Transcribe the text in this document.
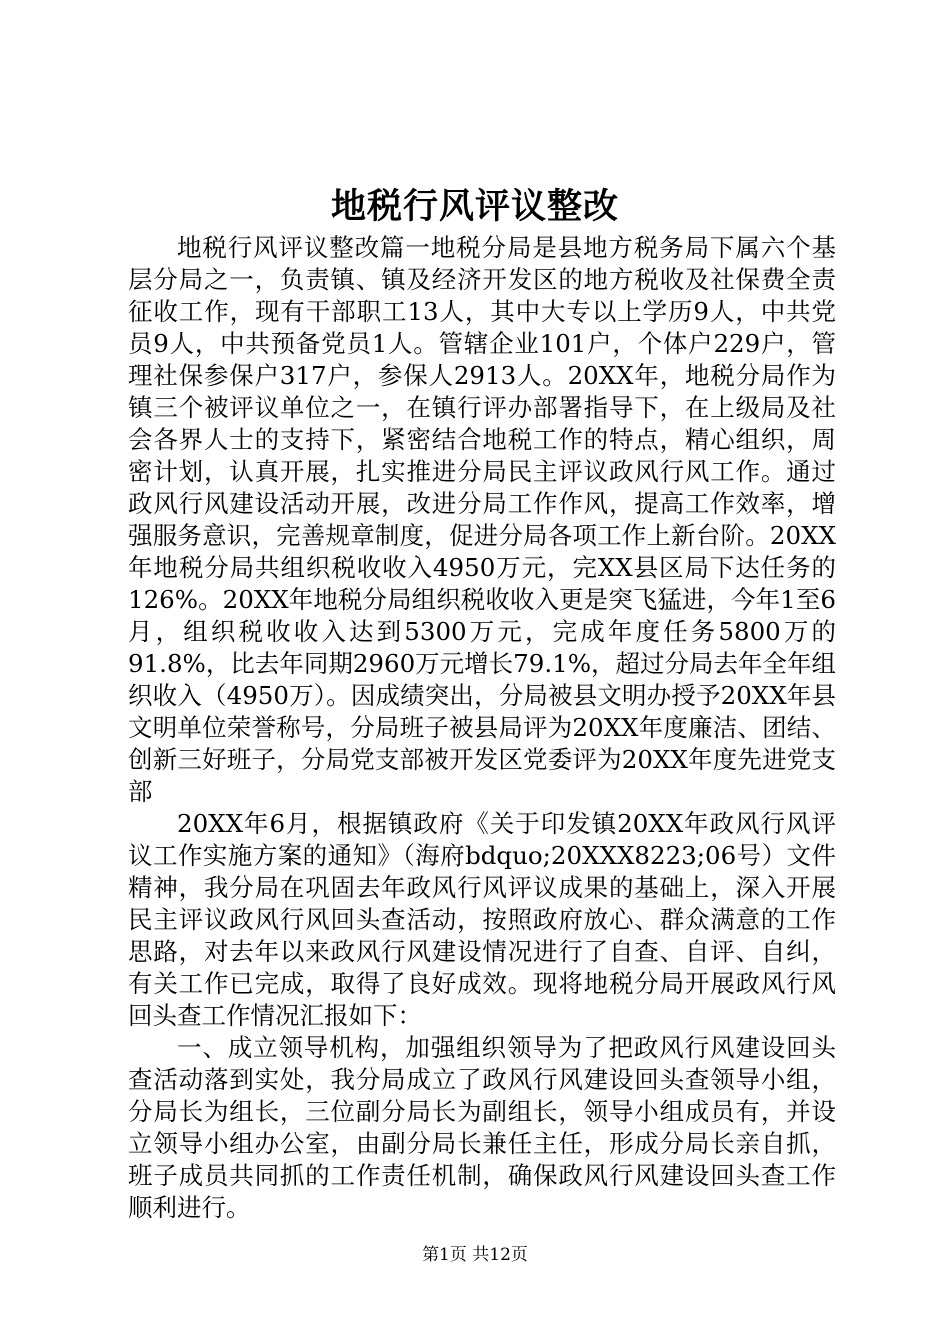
地税行风评议整改

地税行风评议整改篇一地税分局是县地方税务局下属六个基层分局之一，负责镇、镇及经济开发区的地方税收及社保费全责征收工作，现有干部职工13人，其中大专以上学历9人，中共党员9人，中共预备党员1人。管辖企业101户，个体户229户，管理社保参保户317户，参保人2913人。20XX年，地税分局作为镇三个被评议单位之一，在镇行评办部署指导下，在上级局及社会各界人士的支持下，紧密结合地税工作的特点，精心组织，周密计划，认真开展，扎实推进分局民主评议政风行风工作。通过政风行风建设活动开展，改进分局工作作风，提高工作效率，增强服务意识，完善规章制度，促进分局各项工作上新台阶。20XX年地税分局共组织税收收入4950万元，完XX县区局下达任务的126%。20XX年地税分局组织税收收入更是突飞猛进，今年1至6月，组织税收收入达到5300万元，完成年度任务5800万的91.8%，比去年同期2960万元增长79.1%，超过分局去年全年组织收入（4950万）。因成绩突出，分局被县文明办授予20XX年县文明单位荣誉称号，分局班子被县局评为20XX年度廉洁、团结、创新三好班子，分局党支部被开发区党委评为20XX年度先进党支部

20XX年6月，根据镇政府《关于印发镇20XX年政风行风评议工作实施方案的通知》（海府bdquo;20XXX8223;06号）文件精神，我分局在巩固去年政风行风评议成果的基础上，深入开展民主评议政风行风回头查活动，按照政府放心、群众满意的工作思路，对去年以来政风行风建设情况进行了自查、自评、自纠，有关工作已完成，取得了良好成效。现将地税分局开展政风行风回头查工作情况汇报如下：

一、成立领导机构，加强组织领导为了把政风行风建设回头查活动落到实处，我分局成立了政风行风建设回头查领导小组，分局长为组长，三位副分局长为副组长，领导小组成员有，并设立领导小组办公室，由副分局长兼任主任，形成分局长亲自抓，班子成员共同抓的工作责任机制，确保政风行风建设回头查工作顺利进行。

第1页 共12页
